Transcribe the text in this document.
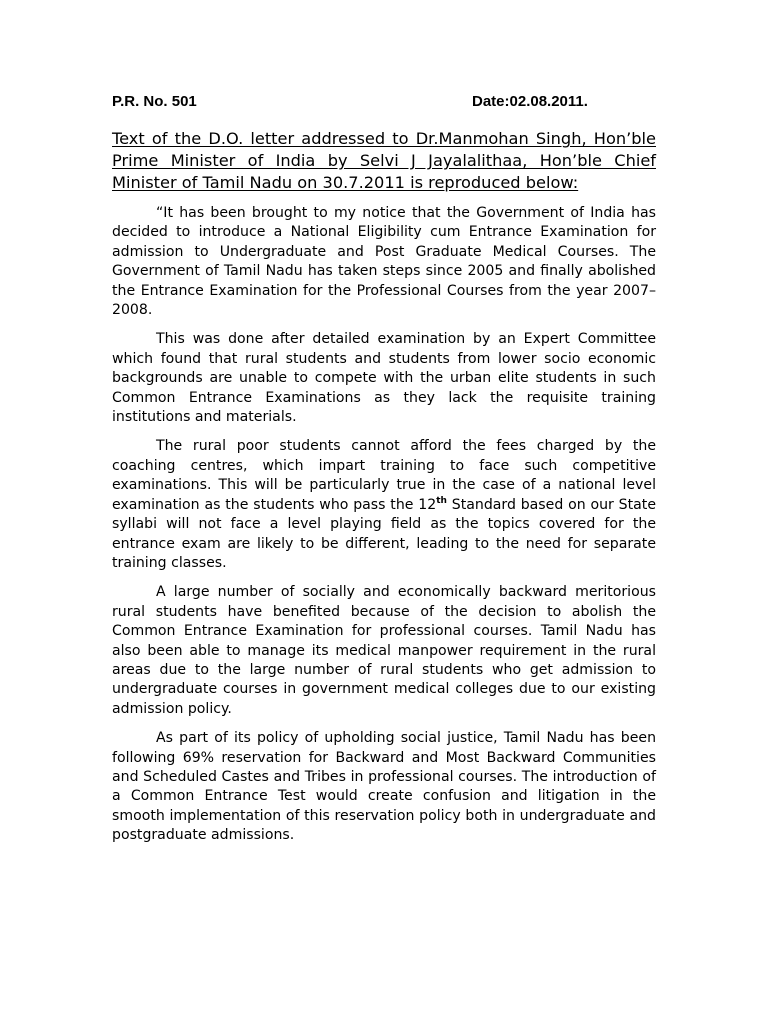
P.R. No. 501	Date:02.08.2011.
Text of the D.O. letter addressed to Dr.Manmohan Singh, Hon’ble Prime Minister of India by Selvi J Jayalalithaa, Hon’ble Chief Minister of Tamil Nadu on 30.7.2011 is reproduced below:

“It has been brought to my notice that the Government of India has decided to introduce a National Eligibility cum Entrance Examination for admission to Undergraduate and Post Graduate Medical Courses. The Government of Tamil Nadu has taken steps since 2005 and finally abolished the Entrance Examination for the Professional Courses from the year 2007–2008.

This was done after detailed examination by an Expert Committee which found that rural students and students from lower socio economic backgrounds are unable to compete with the urban elite students in such Common Entrance Examinations as they lack the requisite training institutions and materials.

The rural poor students cannot afford the fees charged by the coaching centres, which impart training to face such competitive examinations. This will be particularly true in the case of a national level examination as the students who pass the 12th Standard based on our State syllabi will not face a level playing field as the topics covered for the entrance exam are likely to be different, leading to the need for separate training classes.

A large number of socially and economically backward meritorious rural students have benefited because of the decision to abolish the Common Entrance Examination for professional courses. Tamil Nadu has also been able to manage its medical manpower requirement in the rural areas due to the large number of rural students who get admission to undergraduate courses in government medical colleges due to our existing admission policy.

As part of its policy of upholding social justice, Tamil Nadu has been following 69% reservation for Backward and Most Backward Communities and Scheduled Castes and Tribes in professional courses. The introduction of a Common Entrance Test would create confusion and litigation in the smooth implementation of this reservation policy both in undergraduate and postgraduate admissions.
